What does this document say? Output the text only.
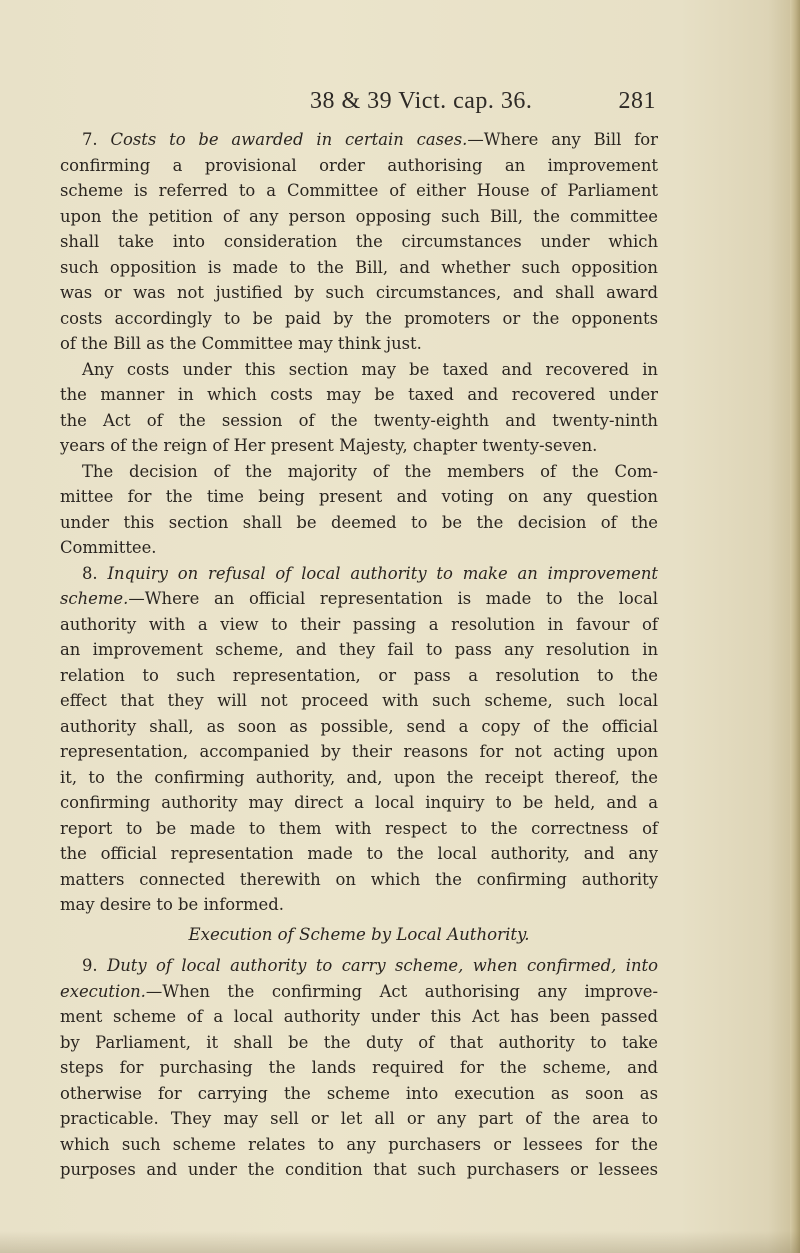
38 & 39 Vict. cap. 36.	281
7. Costs to be awarded in certain cases.—Where any Bill for
confirming a provisional order authorising an improvement
scheme is referred to a Committee of either House of Parliament
upon the petition of any person opposing such Bill, the committee
shall take into consideration the circumstances under which
such opposition is made to the Bill, and whether such opposition
was or was not justified by such circumstances, and shall award
costs accordingly to be paid by the promoters or the opponents
of the Bill as the Committee may think just.
Any costs under this section may be taxed and recovered in
the manner in which costs may be taxed and recovered under
the Act of the session of the twenty-eighth and twenty-ninth
years of the reign of Her present Majesty, chapter twenty-seven.
The decision of the majority of the members of the Com-
mittee for the time being present and voting on any question
under this section shall be deemed to be the decision of the
Committee.
8. Inquiry on refusal of local authority to make an improvement
scheme.—Where an official representation is made to the local
authority with a view to their passing a resolution in favour of
an improvement scheme, and they fail to pass any resolution in
relation to such representation, or pass a resolution to the
effect that they will not proceed with such scheme, such local
authority shall, as soon as possible, send a copy of the official
representation, accompanied by their reasons for not acting upon
it, to the confirming authority, and, upon the receipt thereof, the
confirming authority may direct a local inquiry to be held, and a
report to be made to them with respect to the correctness of
the official representation made to the local authority, and any
matters connected therewith on which the confirming authority
may desire to be informed.
Execution of Scheme by Local Authority.
9. Duty of local authority to carry scheme, when confirmed, into
execution.—When the confirming Act authorising any improve-
ment scheme of a local authority under this Act has been passed
by Parliament, it shall be the duty of that authority to take
steps for purchasing the lands required for the scheme, and
otherwise for carrying the scheme into execution as soon as
practicable. They may sell or let all or any part of the area to
which such scheme relates to any purchasers or lessees for the
purposes and under the condition that such purchasers or lessees
